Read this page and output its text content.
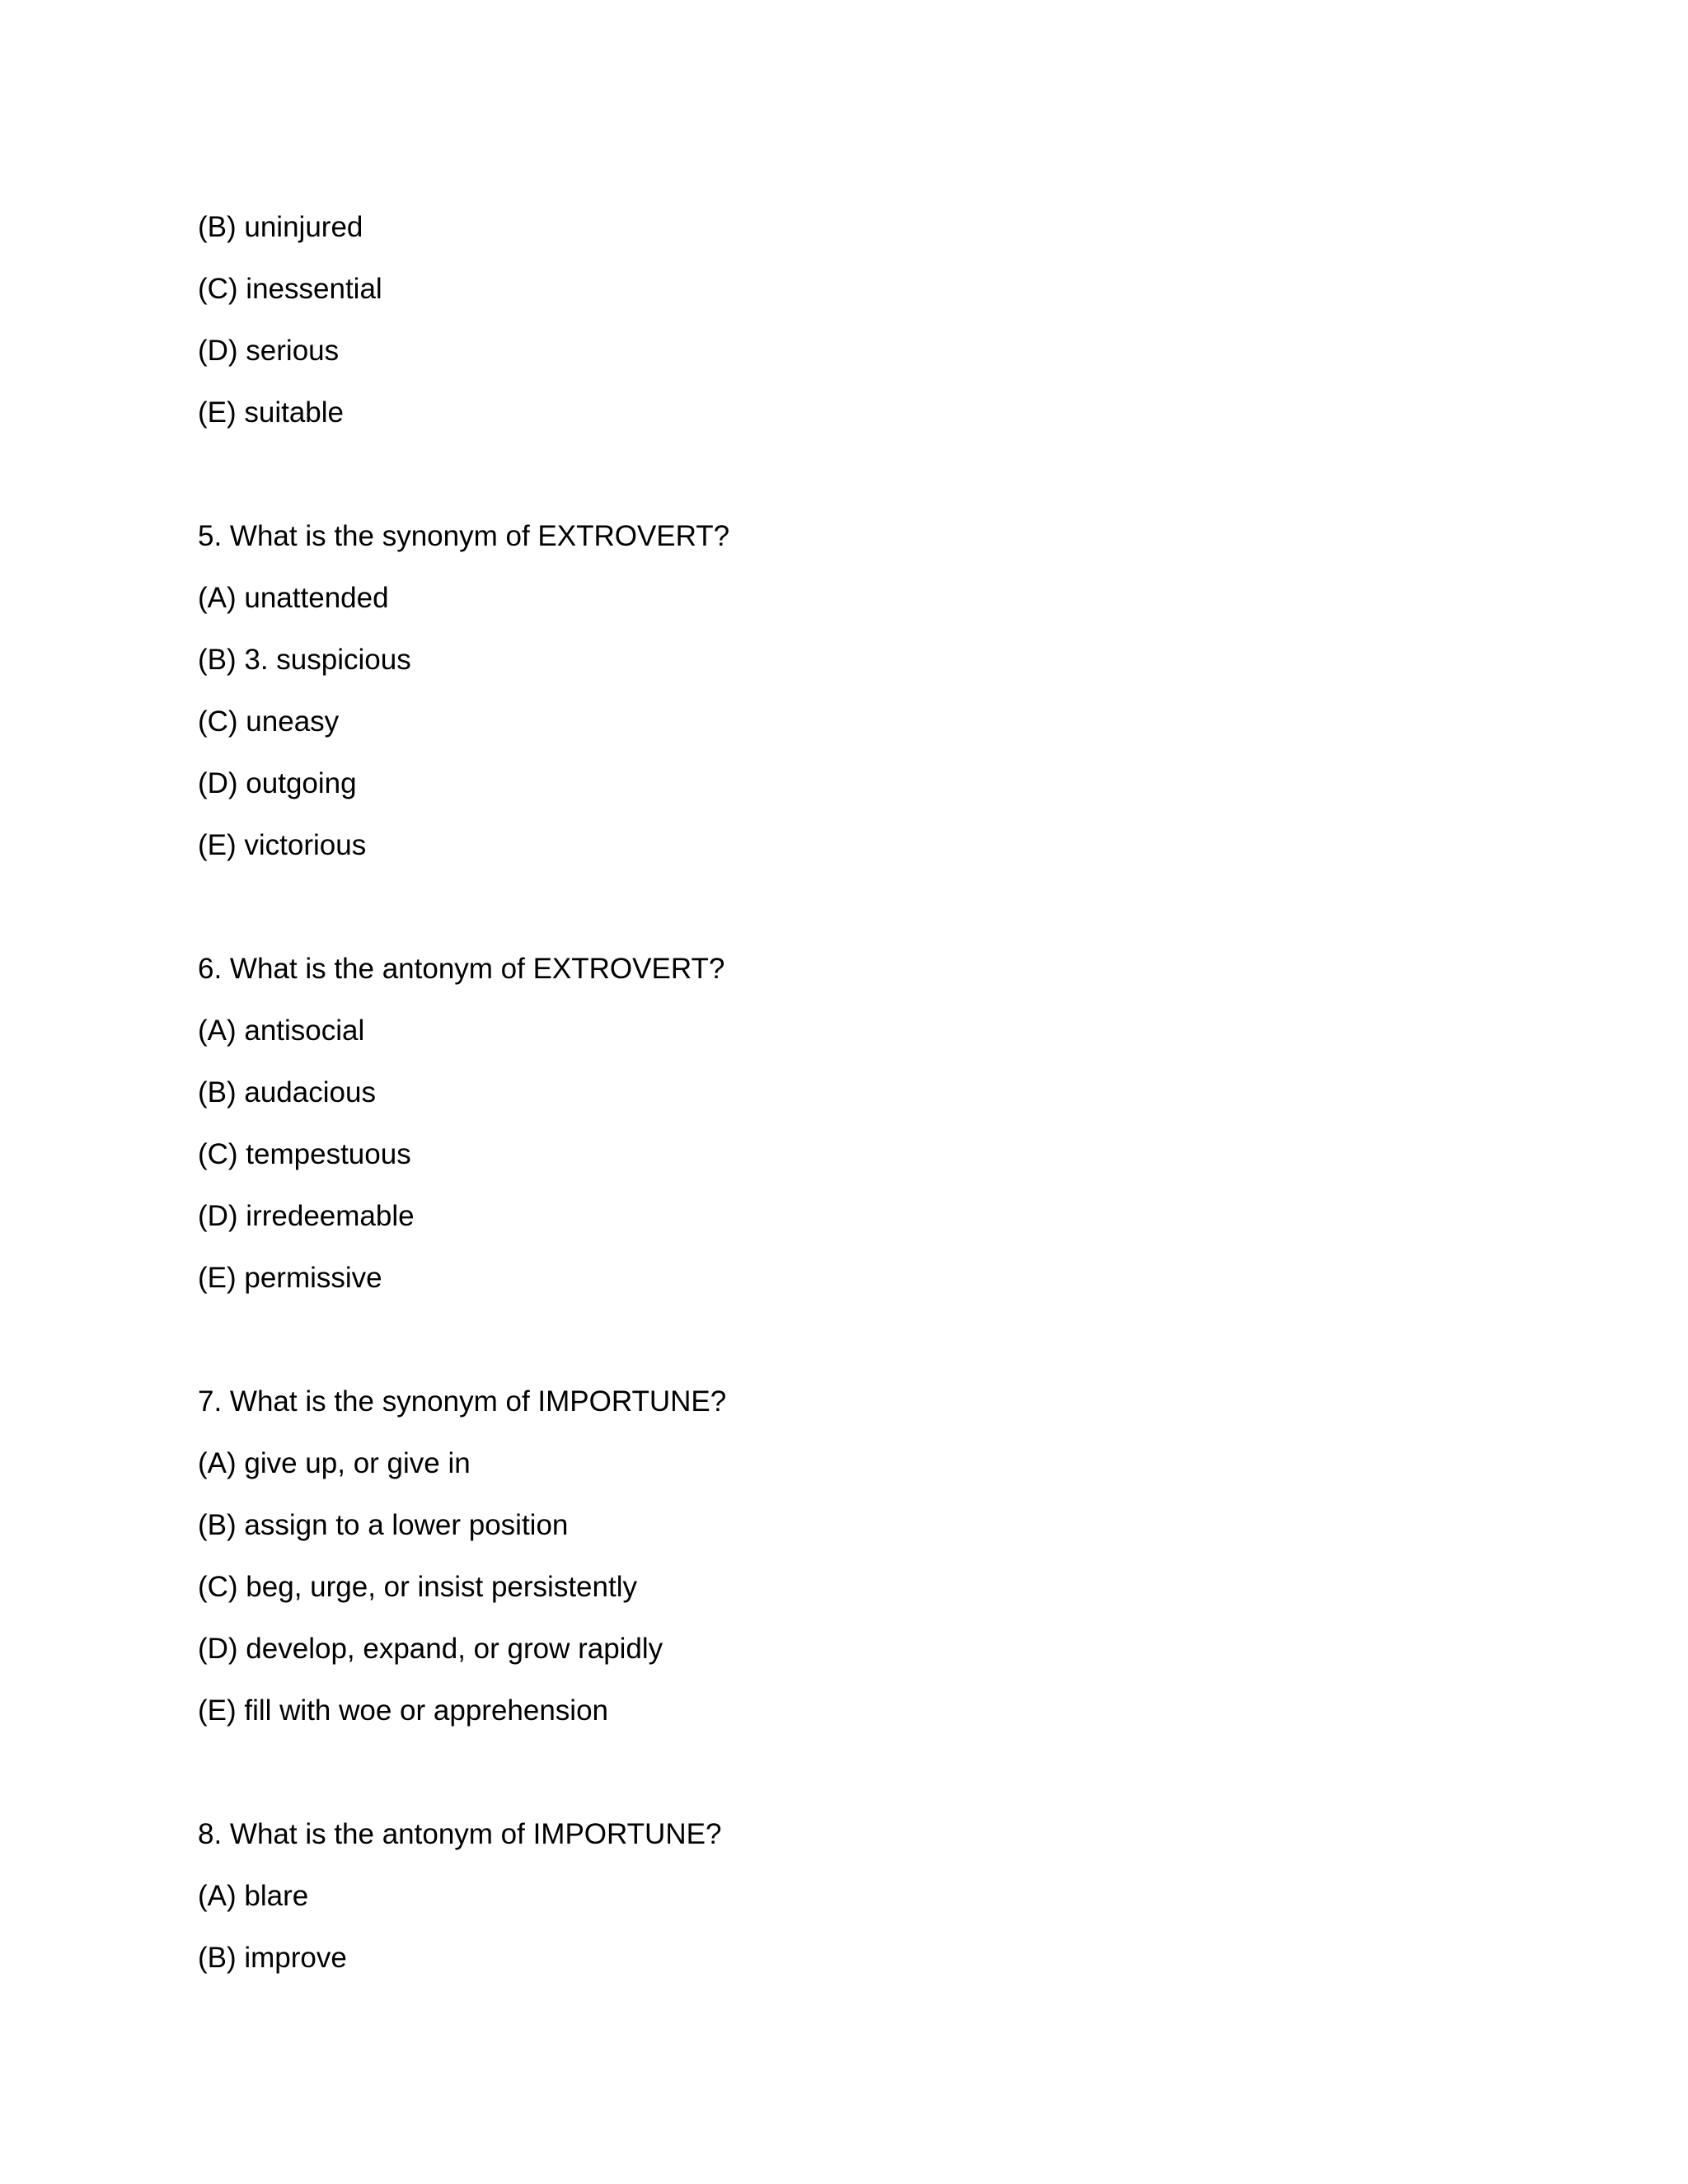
(B) uninjured
(C) inessential
(D) serious
(E) suitable
5. What is the synonym of EXTROVERT?
(A) unattended
(B) 3. suspicious
(C) uneasy
(D) outgoing
(E) victorious
6. What is the antonym of EXTROVERT?
(A) antisocial
(B) audacious
(C) tempestuous
(D) irredeemable
(E) permissive
7. What is the synonym of IMPORTUNE?
(A) give up, or give in
(B) assign to a lower position
(C) beg, urge, or insist persistently
(D) develop, expand, or grow rapidly
(E) fill with woe or apprehension
8. What is the antonym of IMPORTUNE?
(A) blare
(B) improve
